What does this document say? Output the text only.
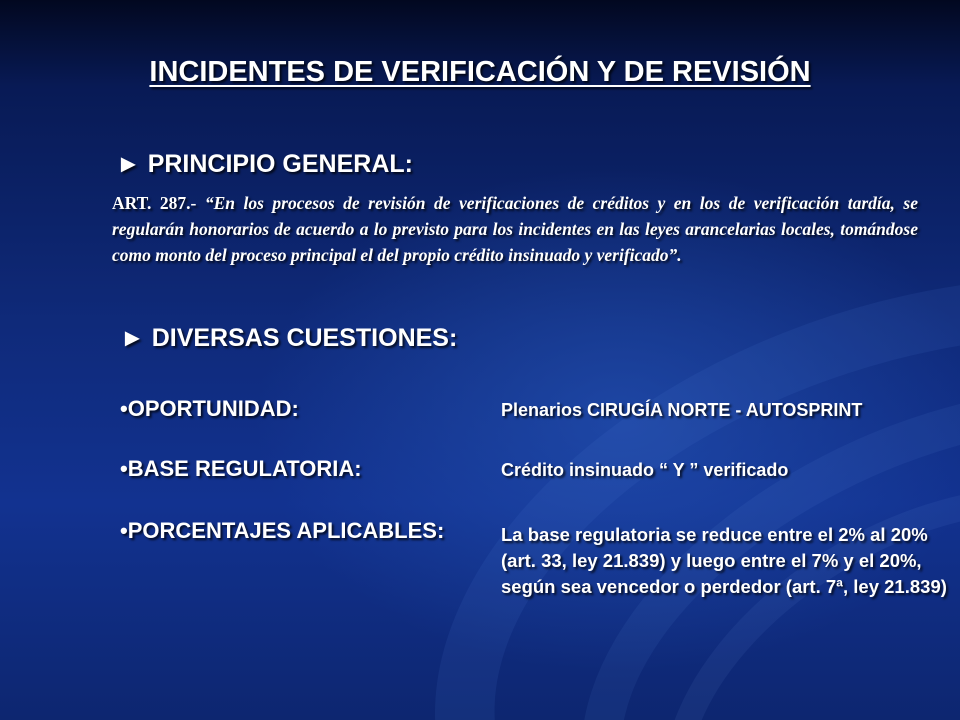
INCIDENTES DE VERIFICACIÓN Y DE REVISIÓN
► PRINCIPIO GENERAL:
ART. 287.- “En los procesos de revisión de verificaciones de créditos y en los de verificación tardía, se regularán honorarios de acuerdo a lo previsto para los incidentes en las leyes arancelarias locales, tomándose como monto del proceso principal el del propio crédito insinuado y verificado”.
► DIVERSAS CUESTIONES:
•OPORTUNIDAD:	Plenarios CIRUGÍA NORTE - AUTOSPRINT
•BASE REGULATORIA:	Crédito insinuado “ Y ” verificado
•PORCENTAJES APLICABLES:	La base regulatoria se reduce entre el 2% al 20% (art. 33, ley 21.839) y luego entre el 7% y el 20%, según sea vencedor o perdedor (art. 7ª, ley 21.839)
